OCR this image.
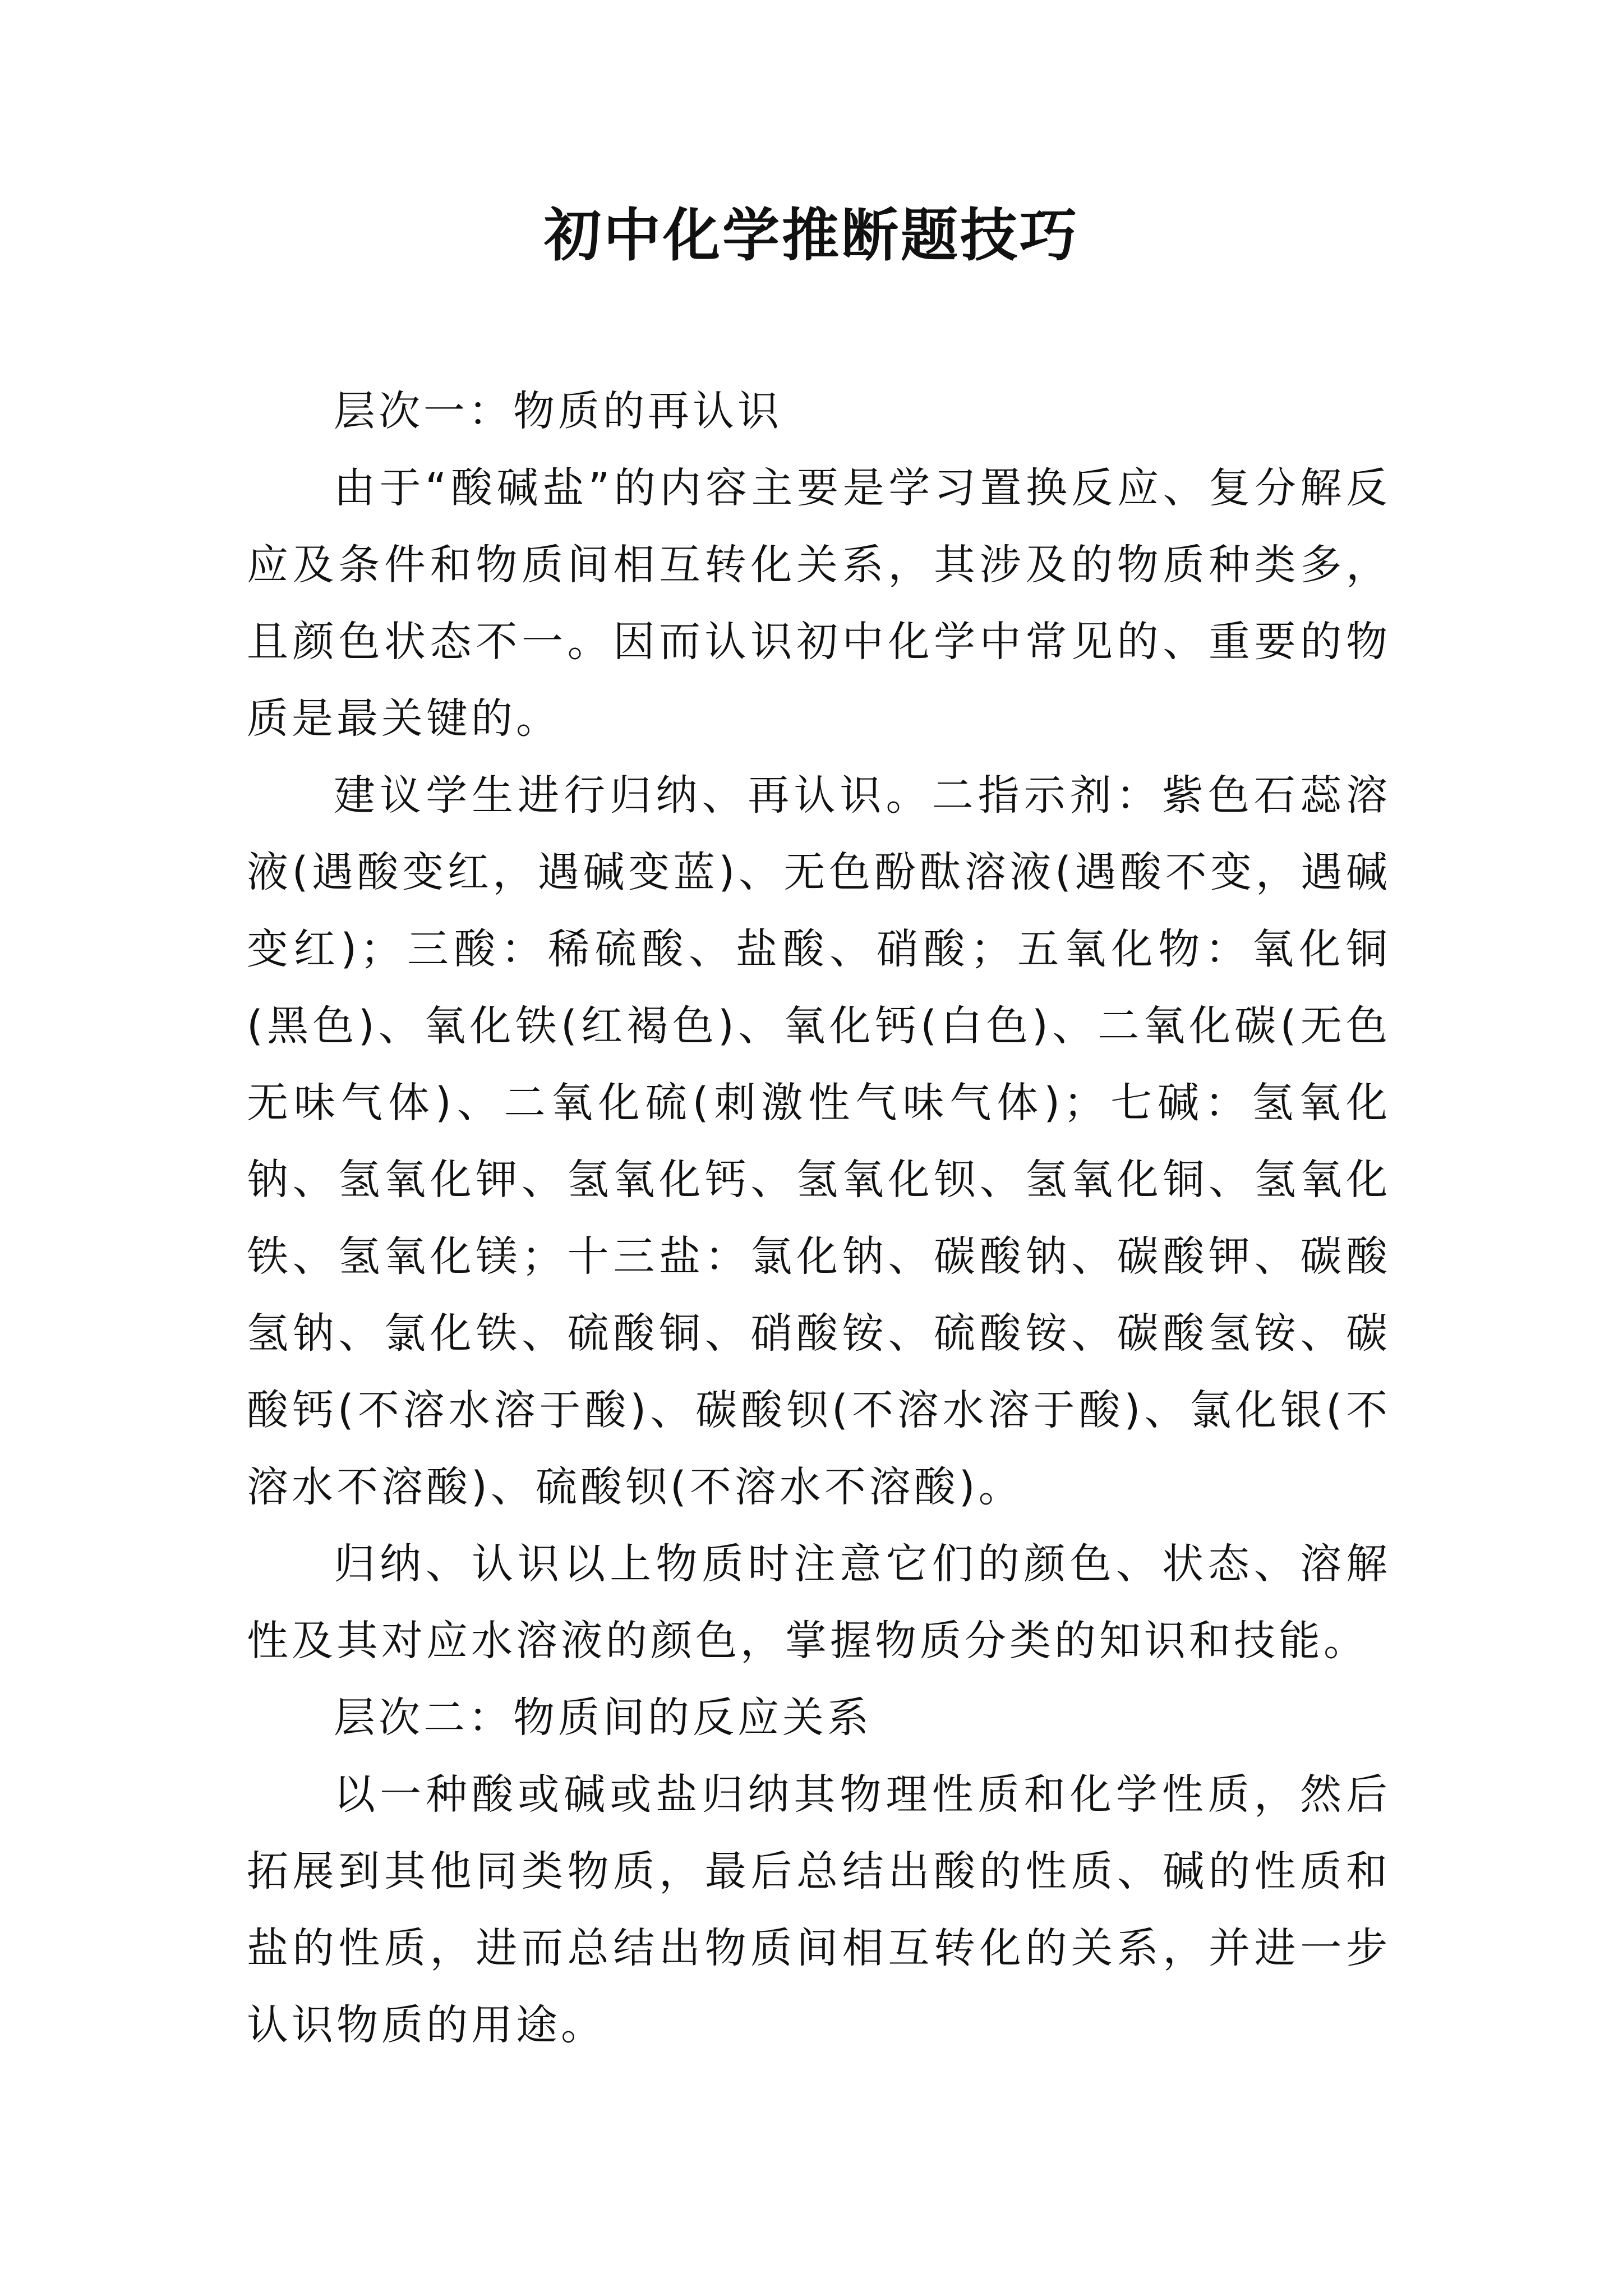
初中化学推断题技巧

层次一：物质的再认识

由于“酸碱盐”的内容主要是学习置换反应、复分解反应及条件和物质间相互转化关系，其涉及的物质种类多，且颜色状态不一。因而认识初中化学中常见的、重要的物质是最关键的。

建议学生进行归纳、再认识。二指示剂：紫色石蕊溶液(遇酸变红，遇碱变蓝)、无色酚酞溶液(遇酸不变，遇碱变红)；三酸：稀硫酸、盐酸、硝酸；五氧化物：氧化铜(黑色)、氧化铁(红褐色)、氧化钙(白色)、二氧化碳(无色无味气体)、二氧化硫(刺激性气味气体)；七碱：氢氧化钠、氢氧化钾、氢氧化钙、氢氧化钡、氢氧化铜、氢氧化铁、氢氧化镁；十三盐：氯化钠、碳酸钠、碳酸钾、碳酸氢钠、氯化铁、硫酸铜、硝酸铵、硫酸铵、碳酸氢铵、碳酸钙(不溶水溶于酸)、碳酸钡(不溶水溶于酸)、氯化银(不溶水不溶酸)、硫酸钡(不溶水不溶酸)。

归纳、认识以上物质时注意它们的颜色、状态、溶解性及其对应水溶液的颜色，掌握物质分类的知识和技能。

层次二：物质间的反应关系

以一种酸或碱或盐归纳其物理性质和化学性质，然后拓展到其他同类物质，最后总结出酸的性质、碱的性质和盐的性质，进而总结出物质间相互转化的关系，并进一步认识物质的用途。
